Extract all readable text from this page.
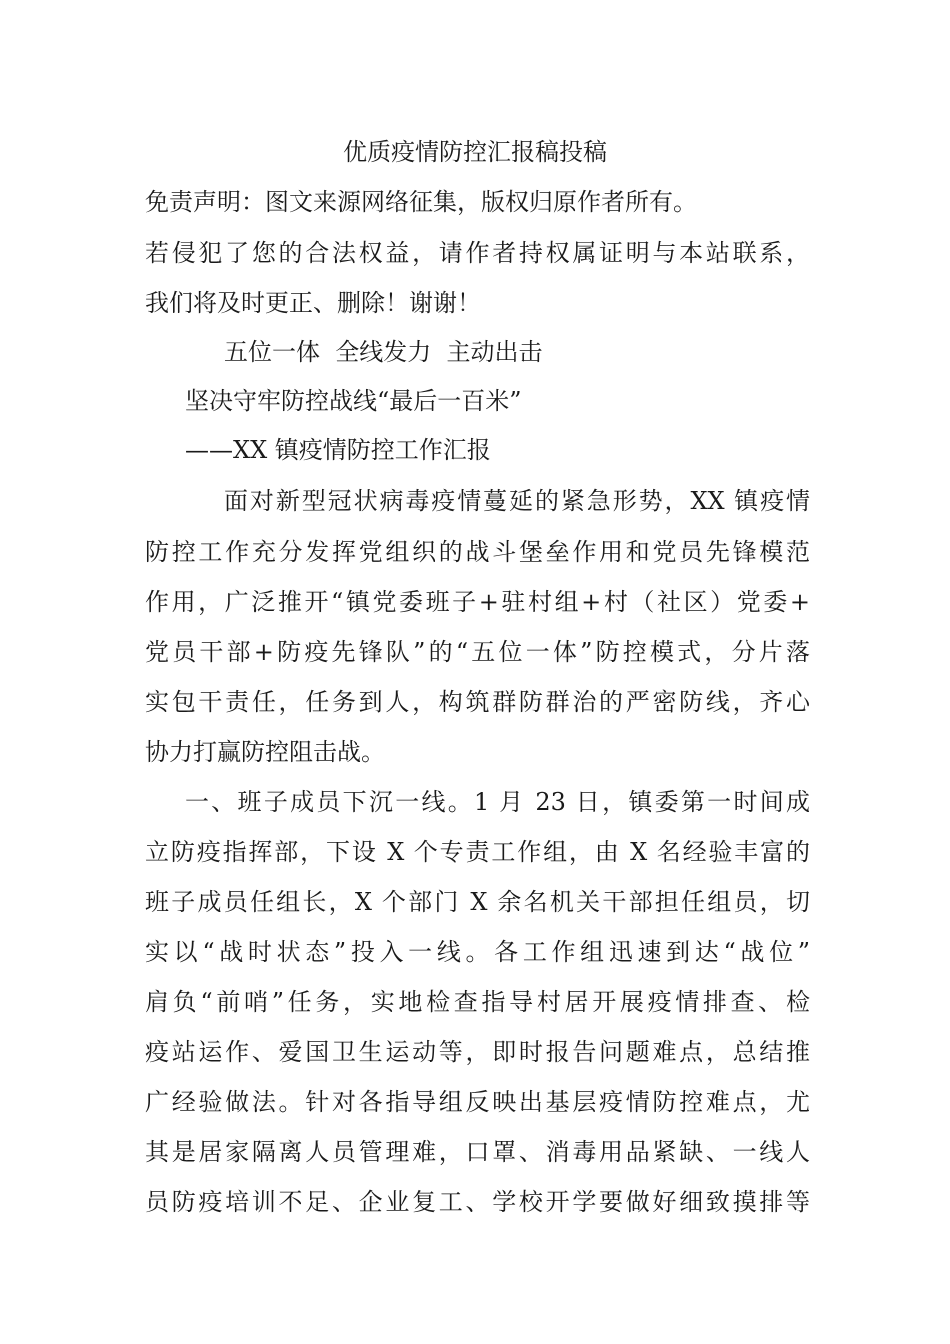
优质疫情防控汇报稿投稿
免责声明：图文来源网络征集，版权归原作者所有。
若侵犯了您的合法权益，请作者持权属证明与本站联系，
我们将及时更正、删除！谢谢！
五位一体  全线发力  主动出击
坚决守牢防控战线“最后一百米”
——XX 镇疫情防控工作汇报
面对新型冠状病毒疫情蔓延的紧急形势，XX 镇疫情
防控工作充分发挥党组织的战斗堡垒作用和党员先锋模范
作用，广泛推开“镇党委班子+驻村组+村（社区）党委+
党员干部+防疫先锋队”的“五位一体”防控模式，分片落
实包干责任，任务到人，构筑群防群治的严密防线，齐心
协力打赢防控阻击战。
一、班子成员下沉一线。1 月 23 日，镇委第一时间成
立防疫指挥部，下设 X 个专责工作组，由 X 名经验丰富的
班子成员任组长，X 个部门 X 余名机关干部担任组员，切
实以“战时状态”投入一线。各工作组迅速到达“战位”
肩负“前哨”任务，实地检查指导村居开展疫情排查、检
疫站运作、爱国卫生运动等，即时报告问题难点，总结推
广经验做法。针对各指导组反映出基层疫情防控难点，尤
其是居家隔离人员管理难，口罩、消毒用品紧缺、一线人
员防疫培训不足、企业复工、学校开学要做好细致摸排等
